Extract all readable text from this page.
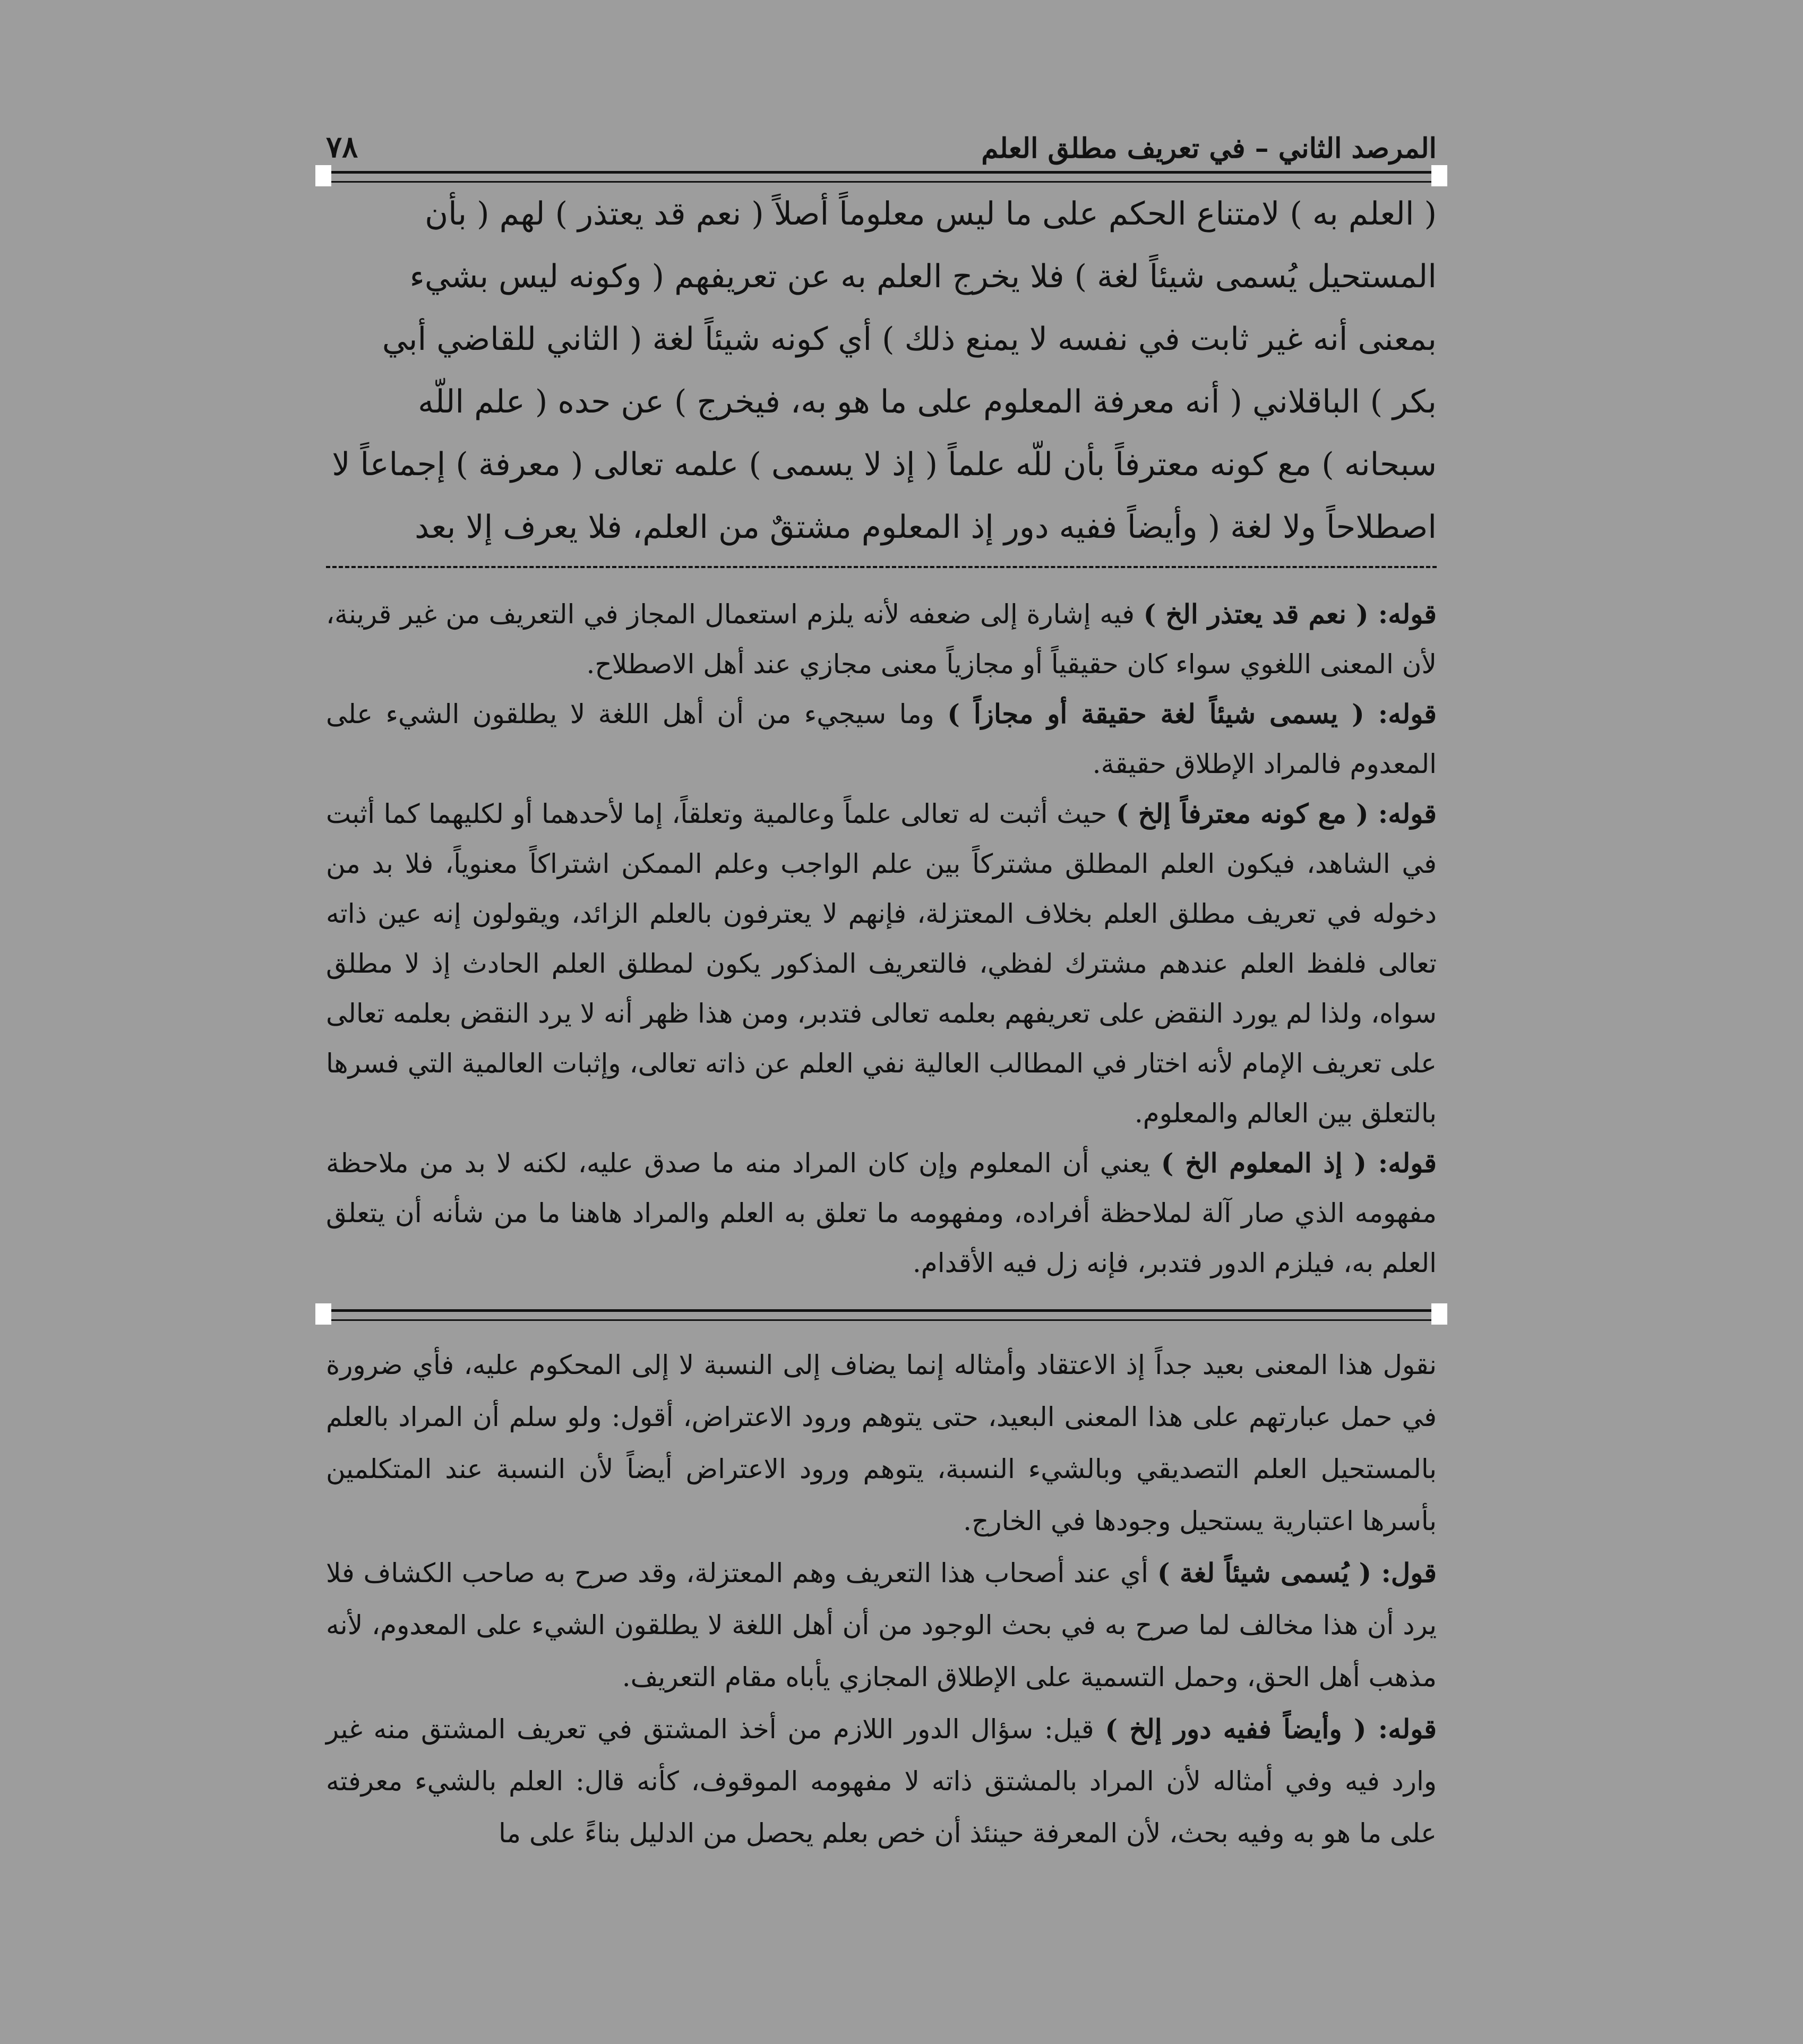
المرصد الثاني – في تعريف مطلق العلم
٧٨

( العلم به ) لامتناع الحكم على ما ليس معلوماً أصلاً ( نعم قد يعتذر ) لهم ( بأن

المستحيل يُسمى شيئاً لغة ) فلا يخرج العلم به عن تعريفهم ( وكونه ليس بشيء

بمعنى أنه غير ثابت في نفسه لا يمنع ذلك ) أي كونه شيئاً لغة ( الثاني للقاضي أبي

بكر ) الباقلاني ( أنه معرفة المعلوم على ما هو به، فيخرج ) عن حده ( علم اللّه

سبحانه ) مع كونه معترفاً بأن للّه علماً ( إذ لا يسمى ) علمه تعالى ( معرفة ) إجماعاً لا

اصطلاحاً ولا لغة ( وأيضاً ففيه دور إذ المعلوم مشتقٌ من العلم، فلا يعرف إلا بعد

قوله: ( نعم قد يعتذر الخ ) فيه إشارة إلى ضعفه لأنه يلزم استعمال المجاز في التعريف من غير قرينة، لأن المعنى اللغوي سواء كان حقيقياً أو مجازياً معنى مجازي عند أهل الاصطلاح.

قوله: ( يسمى شيئاً لغة حقيقة أو مجازاً ) وما سيجيء من أن أهل اللغة لا يطلقون الشيء على المعدوم فالمراد الإطلاق حقيقة.

قوله: ( مع كونه معترفاً إلخ ) حيث أثبت له تعالى علماً وعالمية وتعلقاً، إما لأحدهما أو لكليهما كما أثبت في الشاهد، فيكون العلم المطلق مشتركاً بين علم الواجب وعلم الممكن اشتراكاً معنوياً، فلا بد من دخوله في تعريف مطلق العلم بخلاف المعتزلة، فإنهم لا يعترفون بالعلم الزائد، ويقولون إنه عين ذاته تعالى فلفظ العلم عندهم مشترك لفظي، فالتعريف المذكور يكون لمطلق العلم الحادث إذ لا مطلق سواه، ولذا لم يورد النقض على تعريفهم بعلمه تعالى فتدبر، ومن هذا ظهر أنه لا يرد النقض بعلمه تعالى على تعريف الإمام لأنه اختار في المطالب العالية نفي العلم عن ذاته تعالى، وإثبات العالمية التي فسرها بالتعلق بين العالم والمعلوم.

قوله: ( إذ المعلوم الخ ) يعني أن المعلوم وإن كان المراد منه ما صدق عليه، لكنه لا بد من ملاحظة مفهومه الذي صار آلة لملاحظة أفراده، ومفهومه ما تعلق به العلم والمراد هاهنا ما من شأنه أن يتعلق العلم به، فيلزم الدور فتدبر، فإنه زل فيه الأقدام.

نقول هذا المعنى بعيد جداً إذ الاعتقاد وأمثاله إنما يضاف إلى النسبة لا إلى المحكوم عليه، فأي ضرورة في حمل عبارتهم على هذا المعنى البعيد، حتى يتوهم ورود الاعتراض، أقول: ولو سلم أن المراد بالعلم بالمستحيل العلم التصديقي وبالشيء النسبة، يتوهم ورود الاعتراض أيضاً لأن النسبة عند المتكلمين بأسرها اعتبارية يستحيل وجودها في الخارج.

قول: ( يُسمى شيئاً لغة ) أي عند أصحاب هذا التعريف وهم المعتزلة، وقد صرح به صاحب الكشاف فلا يرد أن هذا مخالف لما صرح به في بحث الوجود من أن أهل اللغة لا يطلقون الشيء على المعدوم، لأنه مذهب أهل الحق، وحمل التسمية على الإطلاق المجازي يأباه مقام التعريف.

قوله: ( وأيضاً ففيه دور إلخ ) قيل: سؤال الدور اللازم من أخذ المشتق في تعريف المشتق منه غير وارد فيه وفي أمثاله لأن المراد بالمشتق ذاته لا مفهومه الموقوف، كأنه قال: العلم بالشيء معرفته على ما هو به وفيه بحث، لأن المعرفة حينئذ أن خص بعلم يحصل من الدليل بناءً على ما
